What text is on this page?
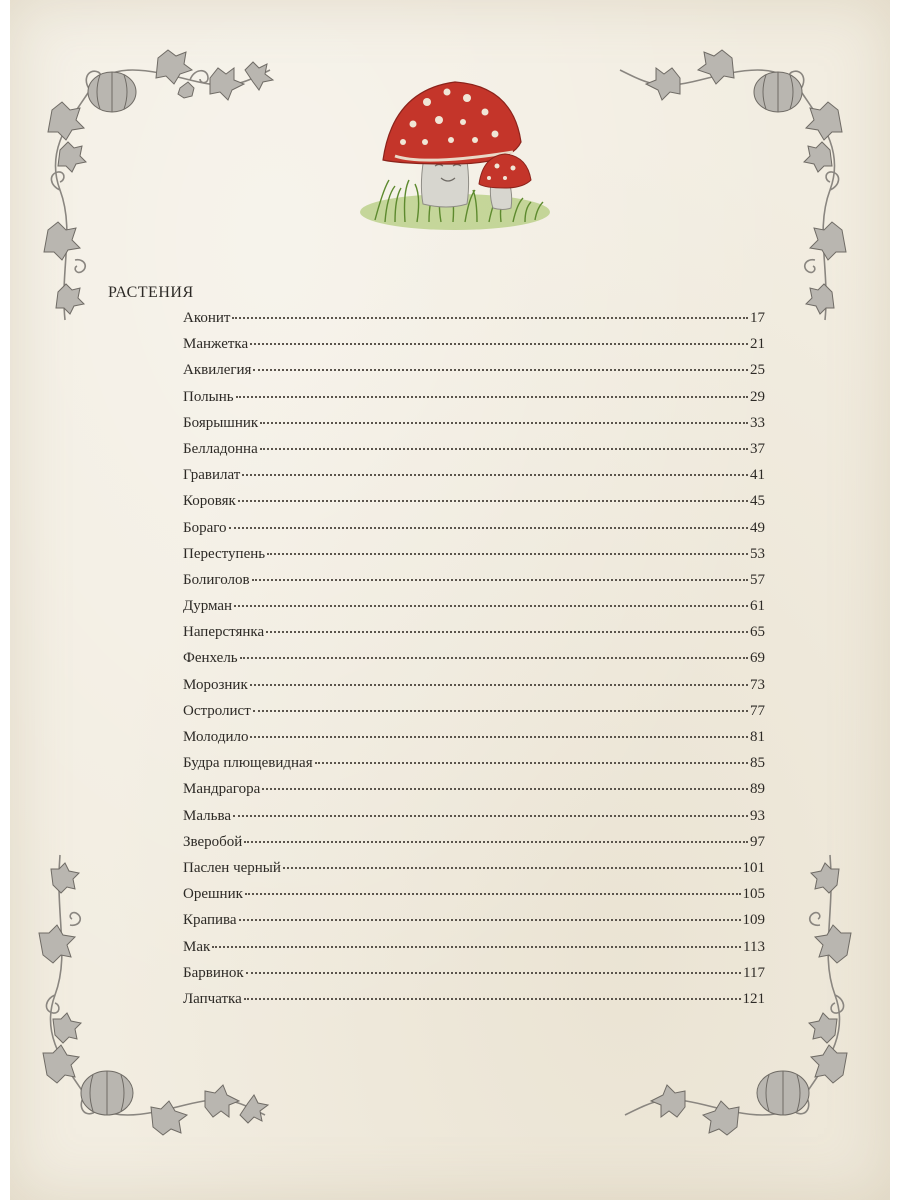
РАСТЕНИЯ
Аконит	17
Манжетка	21
Аквилегия	25
Полынь	29
Боярышник	33
Белладонна	37
Гравилат	41
Коровяк	45
Бораго	49
Переступень	53
Болиголов	57
Дурман	61
Наперстянка	65
Фенхель	69
Морозник	73
Остролист	77
Молодило	81
Будра плющевидная	85
Мандрагора	89
Мальва	93
Зверобой	97
Паслен черный	101
Орешник	105
Крапива	109
Мак	113
Барвинок	117
Лапчатка	121
